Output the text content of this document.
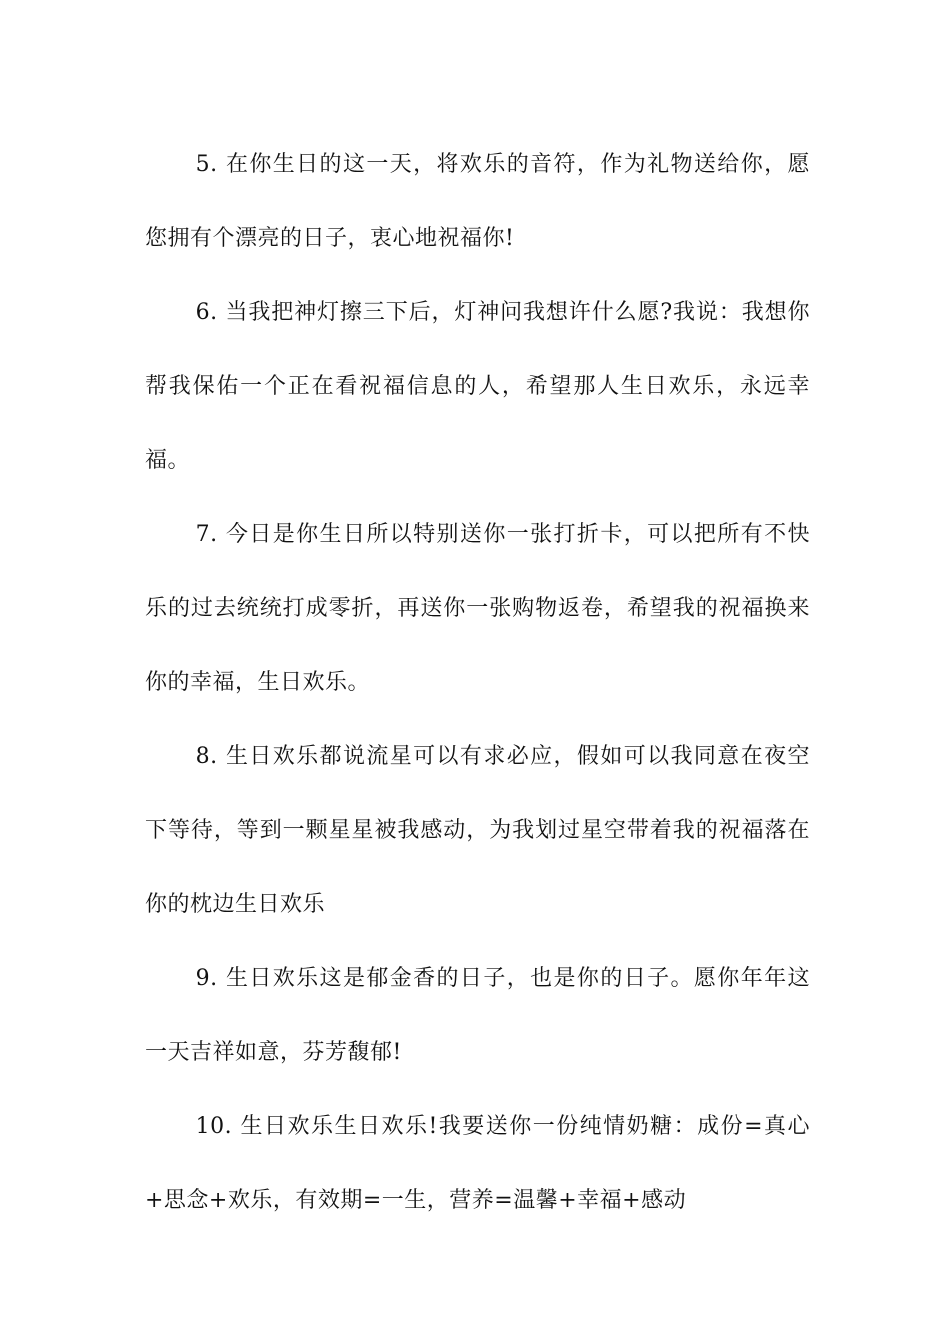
5. 在你生日的这一天，将欢乐的音符，作为礼物送给你，愿您拥有个漂亮的日子，衷心地祝福你!

6. 当我把神灯擦三下后，灯神问我想许什么愿?我说：我想你帮我保佑一个正在看祝福信息的人，希望那人生日欢乐，永远幸福。

7. 今日是你生日所以特别送你一张打折卡，可以把所有不快乐的过去统统打成零折，再送你一张购物返卷，希望我的祝福换来你的幸福，生日欢乐。

8. 生日欢乐都说流星可以有求必应，假如可以我同意在夜空下等待，等到一颗星星被我感动，为我划过星空带着我的祝福落在你的枕边生日欢乐

9. 生日欢乐这是郁金香的日子，也是你的日子。愿你年年这一天吉祥如意，芬芳馥郁!

10. 生日欢乐生日欢乐!我要送你一份纯情奶糖：成份=真心+思念+欢乐，有效期=一生，营养=温馨+幸福+感动
